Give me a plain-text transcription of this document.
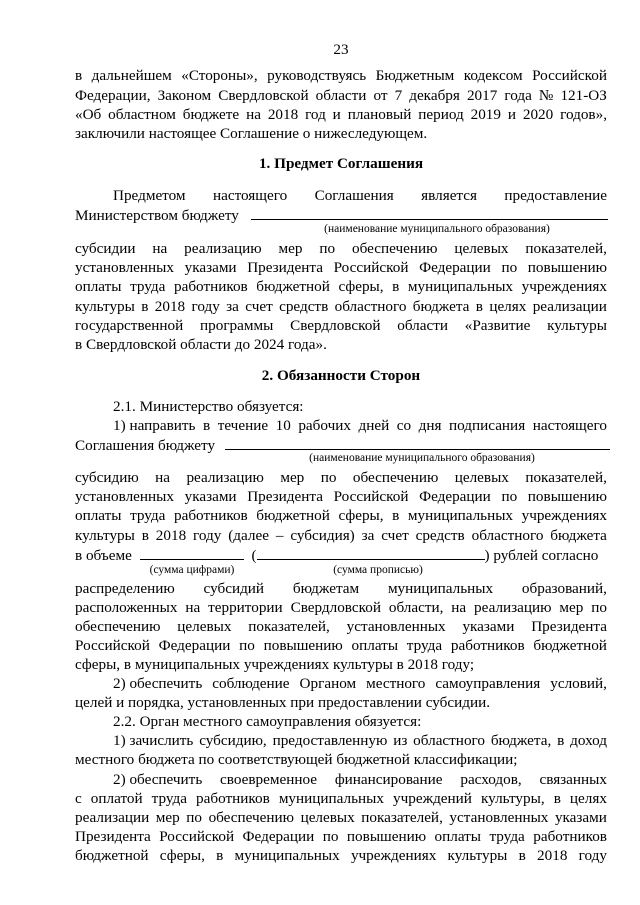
23
в дальнейшем «Стороны», руководствуясь Бюджетным кодексом Российской
Федерации, Законом Свердловской области от 7 декабря 2017 года № 121-ОЗ
«Об областном бюджете на 2018 год и плановый период 2019 и 2020 годов»,
заключили настоящее Соглашение о нижеследующем.
1. Предмет Соглашения
Предметом настоящего Соглашения является предоставление
Министерством бюджету
(наименование муниципального образования)
субсидии на реализацию мер по обеспечению целевых показателей,
установленных указами Президента Российской Федерации по повышению
оплаты труда работников бюджетной сферы, в муниципальных учреждениях
культуры в 2018 году за счет средств областного бюджета в целях реализации
государственной программы Свердловской области «Развитие культуры
в Свердловской области до 2024 года».
2. Обязанности Сторон
2.1. Министерство обязуется:
1) направить в течение 10 рабочих дней со дня подписания настоящего
Соглашения бюджету
(наименование муниципального образования)
субсидию на реализацию мер по обеспечению целевых показателей,
установленных указами Президента Российской Федерации по повышению
оплаты труда работников бюджетной сферы, в муниципальных учреждениях
культуры в 2018 году (далее – субсидия) за счет средств областного бюджета
в объеме	(	) рублей согласно
(сумма цифрами)	(сумма прописью)
распределению субсидий бюджетам муниципальных образований,
расположенных на территории Свердловской области, на реализацию мер по
обеспечению целевых показателей, установленных указами Президента
Российской Федерации по повышению оплаты труда работников бюджетной
сферы, в муниципальных учреждениях культуры в 2018 году;
2) обеспечить соблюдение Органом местного самоуправления условий,
целей и порядка, установленных при предоставлении субсидии.
2.2. Орган местного самоуправления обязуется:
1) зачислить субсидию, предоставленную из областного бюджета, в доход
местного бюджета по соответствующей бюджетной классификации;
2) обеспечить своевременное финансирование расходов, связанных
с оплатой труда работников муниципальных учреждений культуры, в целях
реализации мер по обеспечению целевых показателей, установленных указами
Президента Российской Федерации по повышению оплаты труда работников
бюджетной сферы, в муниципальных учреждениях культуры в 2018 году
